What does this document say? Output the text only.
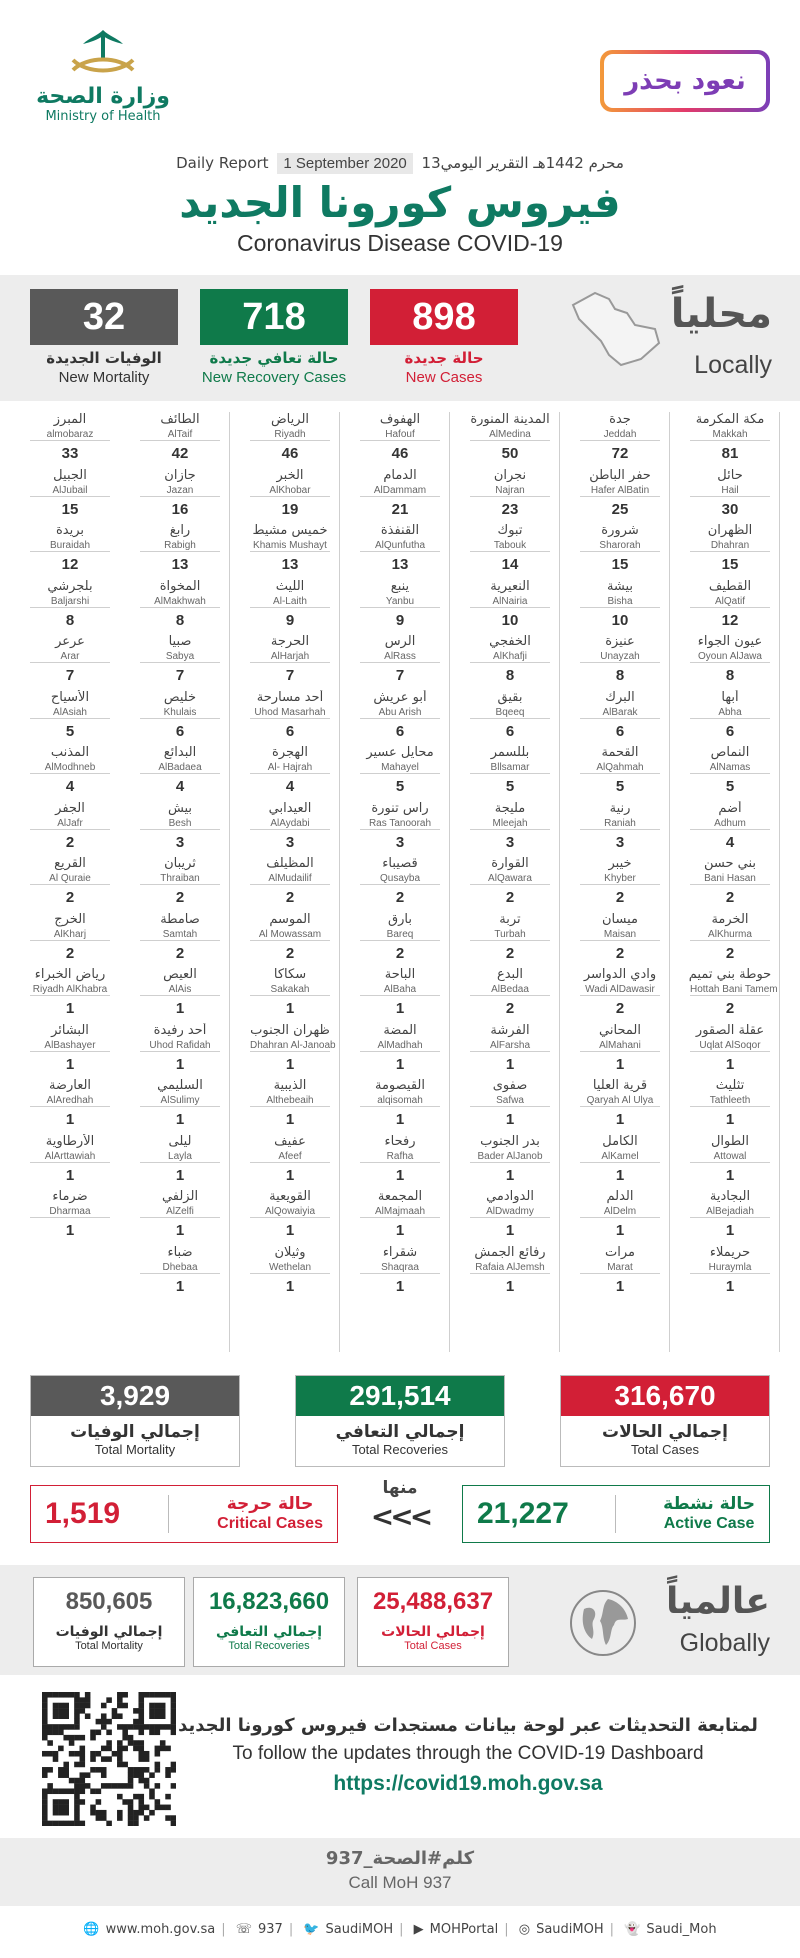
وزارة الصحة
Ministry of Health
نعود بحذر
Daily Report 1 September 2020 13محرم 1442هـ التقرير اليومي
فيروس كورونا الجديد
Coronavirus Disease COVID-19
32
الوفيات الجديدة
New Mortality
718
حالة تعافي جديدة
New Recovery Cases
898
حالة جديدة
New Cases
محلياً
Locally
مكة المكرمة
Makkah
81
حائل
Hail
30
الظهران
Dhahran
15
القطيف
AlQatif
12
عيون الجواء
Oyoun AlJawa
8
أبها
Abha
6
النماص
AlNamas
5
أضم
Adhum
4
بني حسن
Bani Hasan
2
الخرمة
AlKhurma
2
حوطة بني تميم
Hottah Bani Tamem
2
عقلة الصقور
Uqlat AlSoqor
1
تثليث
Tathleeth
1
الطوال
Attowal
1
البجادية
AlBejadiah
1
حريملاء
Huraymla
1
جدة
Jeddah
72
حفر الباطن
Hafer AlBatin
25
شرورة
Sharorah
15
بيشة
Bisha
10
عنيزة
Unayzah
8
البرك
AlBarak
6
القحمة
AlQahmah
5
رنية
Raniah
3
خيبر
Khyber
2
ميسان
Maisan
2
وادي الدواسر
Wadi AlDawasir
2
المحاني
AlMahani
1
قرية العليا
Qaryah Al Ulya
1
الكامل
AlKamel
1
الدلم
AlDelm
1
مرات
Marat
1
المدينة المنورة
AlMedina
50
نجران
Najran
23
تبوك
Tabouk
14
النعيرية
AlNairia
10
الخفجي
AlKhafji
8
بقيق
Bqeeq
6
بللسمر
Bllsamar
5
مليجة
Mleejah
3
القوارة
AlQawara
2
تربة
Turbah
2
البدع
AlBedaa
2
الفرشة
AlFarsha
1
صفوى
Safwa
1
بدر الجنوب
Bader AlJanob
1
الدوادمي
AlDwadmy
1
رفائع الجمش
Rafaia AlJemsh
1
الهفوف
Hafouf
46
الدمام
AlDammam
21
القنفذة
AlQunfutha
13
ينبع
Yanbu
9
الرس
AlRass
7
أبو عريش
Abu Arish
6
محايل عسير
Mahayel
5
راس تنورة
Ras Tanoorah
3
قصيباء
Qusayba
2
بارق
Bareq
2
الباحة
AlBaha
1
المضة
AlMadhah
1
القيصومة
alqisomah
1
رفحاء
Rafha
1
المجمعة
AlMajmaah
1
شقراء
Shaqraa
1
الرياض
Riyadh
46
الخبر
AlKhobar
19
خميس مشيط
Khamis Mushayt
13
الليث
Al-Laith
9
الحرجة
AlHarjah
7
أحد مسارحة
Uhod Masarhah
6
الهجرة
Al- Hajrah
4
العيدابي
AlAydabi
3
المظيلف
AlMudailif
2
الموسم
Al Mowassam
2
سكاكا
Sakakah
1
ظهران الجنوب
Dhahran Al-Janoab
1
الذيبية
Althebeaih
1
عفيف
Afeef
1
القويعية
AlQowaiyia
1
وثيلان
Wethelan
1
الطائف
AlTaif
42
جازان
Jazan
16
رابغ
Rabigh
13
المخواة
AlMakhwah
8
صبيا
Sabya
7
خليص
Khulais
6
البدائع
AlBadaea
4
بيش
Besh
3
ثريبان
Thraiban
2
صامطة
Samtah
2
العيص
AlAis
1
أحد رفيدة
Uhod Rafidah
1
السليمي
AlSulimy
1
ليلى
Layla
1
الزلفي
AlZelfi
1
ضباء
Dhebaa
1
المبرز
almobaraz
33
الجبيل
AlJubail
15
بريدة
Buraidah
12
بلجرشي
Baljarshi
8
عرعر
Arar
7
الأسياح
AlAsiah
5
المذنب
AlModhneb
4
الجفر
AlJafr
2
القريع
Al Quraie
2
الخرج
AlKharj
2
رياض الخبراء
Riyadh AlKhabra
1
البشائر
AlBashayer
1
العارضة
AlAredhah
1
الأرطاوية
AlArttawiah
1
ضرماء
Dharmaa
1
3,929
إجمالي الوفيات
Total Mortality
291,514
إجمالي التعافي
Total Recoveries
316,670
إجمالي الحالات
Total Cases
1,519	حالة حرجة
Critical Cases
منها
<<< 21,227	حالة نشطة
Active Case
850,605
إجمالي الوفيات
Total Mortality
16,823,660
إجمالي التعافي
Total Recoveries
25,488,637
إجمالي الحالات
Total Cases
عالمياً
Globally
لمتابعة التحديثات عبر لوحة بيانات مستجدات فيروس كورونا الجديد
To follow the updates through the COVID-19 Dashboard
https://covid19.moh.gov.sa
كلم#الصحة_937
Call MoH 937
🌐 www.moh.gov.sa | ☏ 937 | 🐦 SaudiMOH | ▶ MOHPortal | ◎ SaudiMOH | 👻 Saudi_Moh
